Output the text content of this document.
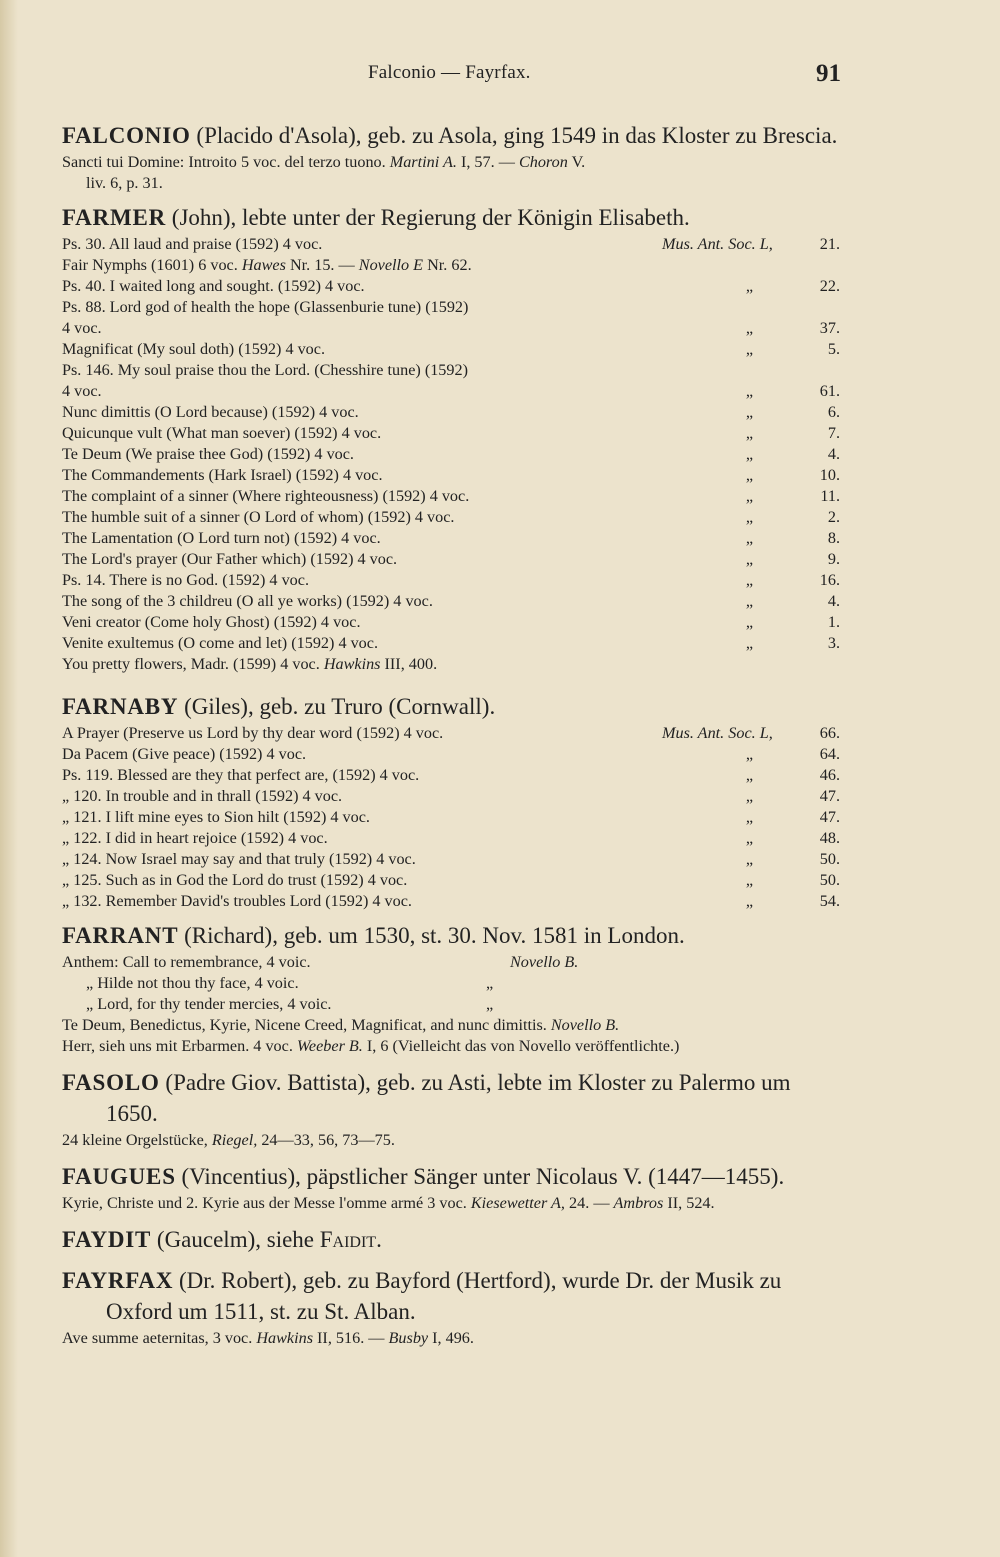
Falconio — Fayrfax.	91
FALCONIO (Placido d'Asola), geb. zu Asola, ging 1549 in das Kloster zu Brescia.
Sancti tui Domine: Introito 5 voc. del terzo tuono. Martini A. I, 57. — Choron V.
liv. 6, p. 31.
FARMER (John), lebte unter der Regierung der Königin Elisabeth.
Ps. 30. All laud and praise (1592) 4 voc.	Mus. Ant. Soc. L,	21.
Fair Nymphs (1601) 6 voc. Hawes Nr. 15. — Novello E Nr. 62.
Ps. 40. I waited long and sought. (1592) 4 voc.	„	22.
Ps. 88. Lord god of health the hope (Glassenburie tune) (1592)
4 voc.	„	37.
Magnificat (My soul doth) (1592) 4 voc.	„	5.
Ps. 146. My soul praise thou the Lord. (Chesshire tune) (1592)
4 voc.	„	61.
Nunc dimittis (O Lord because) (1592) 4 voc.	„	6.
Quicunque vult (What man soever) (1592) 4 voc.	„	7.
Te Deum (We praise thee God) (1592) 4 voc.	„	4.
The Commandements (Hark Israel) (1592) 4 voc.	„	10.
The complaint of a sinner (Where righteousness) (1592) 4 voc.	„	11.
The humble suit of a sinner (O Lord of whom) (1592) 4 voc.	„	2.
The Lamentation (O Lord turn not) (1592) 4 voc.	„	8.
The Lord's prayer (Our Father which) (1592) 4 voc.	„	9.
Ps. 14. There is no God. (1592) 4 voc.	„	16.
The song of the 3 childreu (O all ye works) (1592) 4 voc.	„	4.
Veni creator (Come holy Ghost) (1592) 4 voc.	„	1.
Venite exultemus (O come and let) (1592) 4 voc.	„	3.
You pretty flowers, Madr. (1599) 4 voc. Hawkins III, 400.
FARNABY (Giles), geb. zu Truro (Cornwall).
A Prayer (Preserve us Lord by thy dear word (1592) 4 voc.	Mus. Ant. Soc. L,	66.
Da Pacem (Give peace) (1592) 4 voc.	„	64.
Ps. 119. Blessed are they that perfect are, (1592) 4 voc.	„	46.
„ 120. In trouble and in thrall (1592) 4 voc.	„	47.
„ 121. I lift mine eyes to Sion hilt (1592) 4 voc.	„	47.
„ 122. I did in heart rejoice (1592) 4 voc.	„	48.
„ 124. Now Israel may say and that truly (1592) 4 voc.	„	50.
„ 125. Such as in God the Lord do trust (1592) 4 voc.	„	50.
„ 132. Remember David's troubles Lord (1592) 4 voc.	„	54.
FARRANT (Richard), geb. um 1530, st. 30. Nov. 1581 in London.
Anthem: Call to remembrance, 4 voic.	Novello B.
„ Hilde not thou thy face, 4 voic.	„
„ Lord, for thy tender mercies, 4 voic.	„
Te Deum, Benedictus, Kyrie, Nicene Creed, Magnificat, and nunc dimittis. Novello B.
Herr, sieh uns mit Erbarmen. 4 voc. Weeber B. I, 6 (Vielleicht das von Novello veröffentlichte.)
FASOLO (Padre Giov. Battista), geb. zu Asti, lebte im Kloster zu Palermo um 1650.
24 kleine Orgelstücke, Riegel, 24—33, 56, 73—75.
FAUGUES (Vincentius), päpstlicher Sänger unter Nicolaus V. (1447—1455).
Kyrie, Christe und 2. Kyrie aus der Messe l'omme armé 3 voc. Kiesewetter A, 24. — Ambros II, 524.
FAYDIT (Gaucelm), siehe Faidit.
FAYRFAX (Dr. Robert), geb. zu Bayford (Hertford), wurde Dr. der Musik zu Oxford um 1511, st. zu St. Alban.
Ave summe aeternitas, 3 voc. Hawkins II, 516. — Busby I, 496.
